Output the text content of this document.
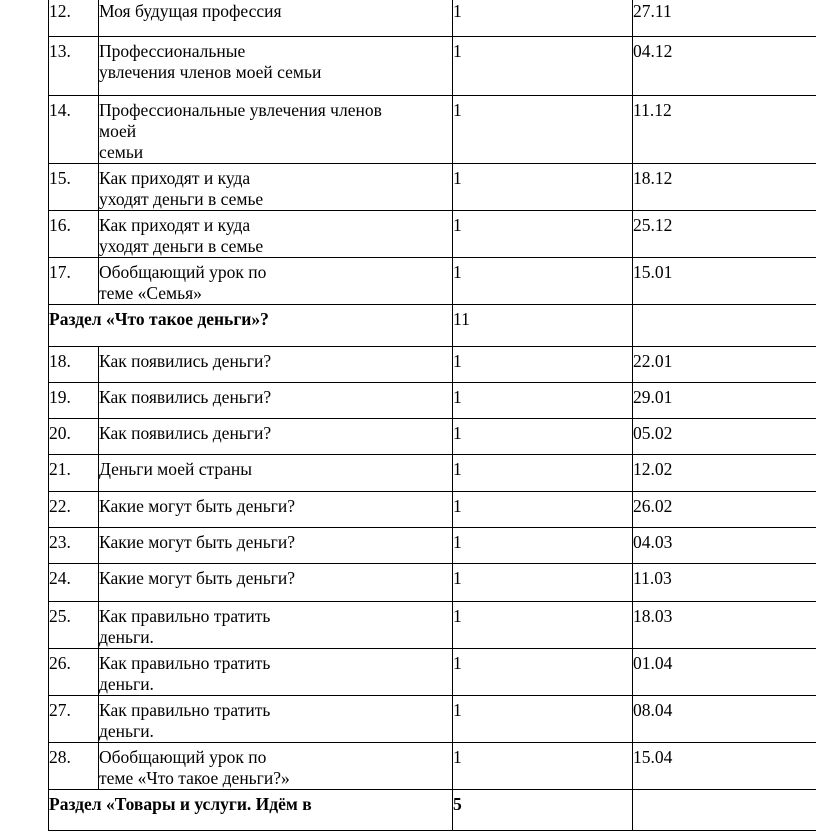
12.	Моя будущая профессия	1	27.11
13.	Профессиональные
увлечения членов моей семьи	1	04.12
14.	Профессиональные увлечения членов
моей
семьи	1	11.12
15.	Как приходят и куда
уходят деньги в семье	1	18.12
16.	Как приходят и куда
уходят деньги в семье	1	25.12
17.	Обобщающий урок по
теме «Семья»	1	15.01
Раздел «Что такое деньги»?		11	
18.	Как появились деньги?	1	22.01
19.	Как появились деньги?	1	29.01
20.	Как появились деньги?	1	05.02
21.	Деньги моей страны	1	12.02
22.	Какие могут быть деньги?	1	26.02
23.	Какие могут быть деньги?	1	04.03
24.	Какие могут быть деньги?	1	11.03
25.	Как правильно тратить
деньги.	1	18.03
26.	Как правильно тратить
деньги.	1	01.04
27.	Как правильно тратить
деньги.	1	08.04
28.	Обобщающий урок по
теме «Что такое деньги?»	1	15.04
Раздел «Товары и услуги. Идём в		5	
